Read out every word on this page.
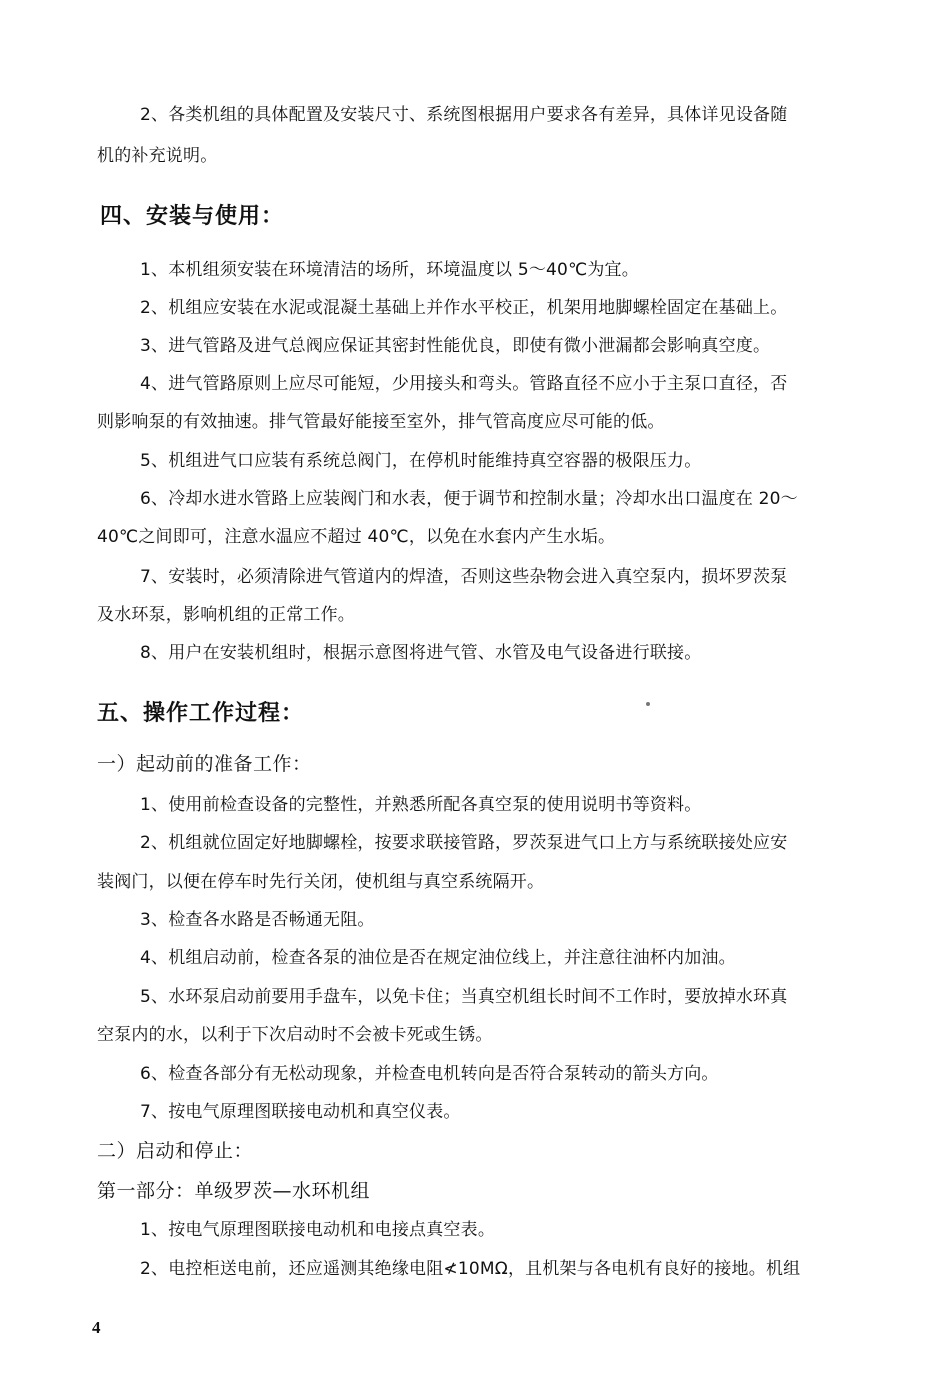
2、各类机组的具体配置及安装尺寸、系统图根据用户要求各有差异，具体详见设备随
机的补充说明。
四、安装与使用：
1、本机组须安装在环境清洁的场所，环境温度以 5～40℃为宜。
2、机组应安装在水泥或混凝土基础上并作水平校正，机架用地脚螺栓固定在基础上。
3、进气管路及进气总阀应保证其密封性能优良，即使有微小泄漏都会影响真空度。
4、进气管路原则上应尽可能短，少用接头和弯头。管路直径不应小于主泵口直径，否
则影响泵的有效抽速。排气管最好能接至室外，排气管高度应尽可能的低。
5、机组进气口应装有系统总阀门，在停机时能维持真空容器的极限压力。
6、冷却水进水管路上应装阀门和水表，便于调节和控制水量；冷却水出口温度在 20～
40℃之间即可，注意水温应不超过 40℃，以免在水套内产生水垢。
7、安装时，必须清除进气管道内的焊渣，否则这些杂物会进入真空泵内，损坏罗茨泵
及水环泵，影响机组的正常工作。
8、用户在安装机组时，根据示意图将进气管、水管及电气设备进行联接。
五、操作工作过程：
一）起动前的准备工作：
1、使用前检查设备的完整性，并熟悉所配各真空泵的使用说明书等资料。
2、机组就位固定好地脚螺栓，按要求联接管路，罗茨泵进气口上方与系统联接处应安
装阀门，以便在停车时先行关闭，使机组与真空系统隔开。
3、检查各水路是否畅通无阻。
4、机组启动前，检查各泵的油位是否在规定油位线上，并注意往油杯内加油。
5、水环泵启动前要用手盘车，以免卡住；当真空机组长时间不工作时，要放掉水环真
空泵内的水，以利于下次启动时不会被卡死或生锈。
6、检查各部分有无松动现象，并检查电机转向是否符合泵转动的箭头方向。
7、按电气原理图联接电动机和真空仪表。
二）启动和停止：
第一部分：单级罗茨—水环机组
1、按电气原理图联接电动机和电接点真空表。
2、电控柜送电前，还应遥测其绝缘电阻≮10MΩ，且机架与各电机有良好的接地。机组
4
